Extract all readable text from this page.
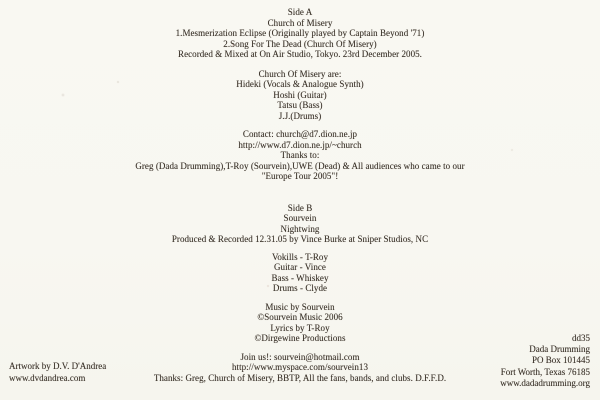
Side A
Church of Misery
1.Mesmerization Eclipse (Originally played by Captain Beyond '71)
2.Song For The Dead (Church Of Misery)
Recorded & Mixed at On Air Studio, Tokyo. 23rd December 2005.
Church Of Misery are:
Hideki (Vocals & Analogue Synth)
Hoshi (Guitar)
Tatsu (Bass)
J.J.(Drums)
Contact: church@d7.dion.ne.jp
http://www.d7.dion.ne.jp/~church
Thanks to:
Greg (Dada Drumming),T-Roy (Sourvein),UWE (Dead) & All audiences who came to our
"Europe Tour 2005"!
Side B
Sourvein
Nightwing
Produced & Recorded 12.31.05 by Vince Burke at Sniper Studios, NC
Vokills - T-Roy
Guitar - Vince
Bass - Whiskey
Drums - Clyde
Music by Sourvein
©Sourvein Music 2006
Lyrics by T-Roy
©Dirgewine Productions
Join us!: sourvein@hotmail.com
http://www.myspace.com/sourvein13
Thanks: Greg, Church of Misery, BBTP, All the fans, bands, and clubs. D.F.F.D.
Artwork by D.V. D'Andrea
www.dvdandrea.com
dd35
Dada Drumming
PO Box 101445
Fort Worth, Texas 76185
www.dadadrumming.org
